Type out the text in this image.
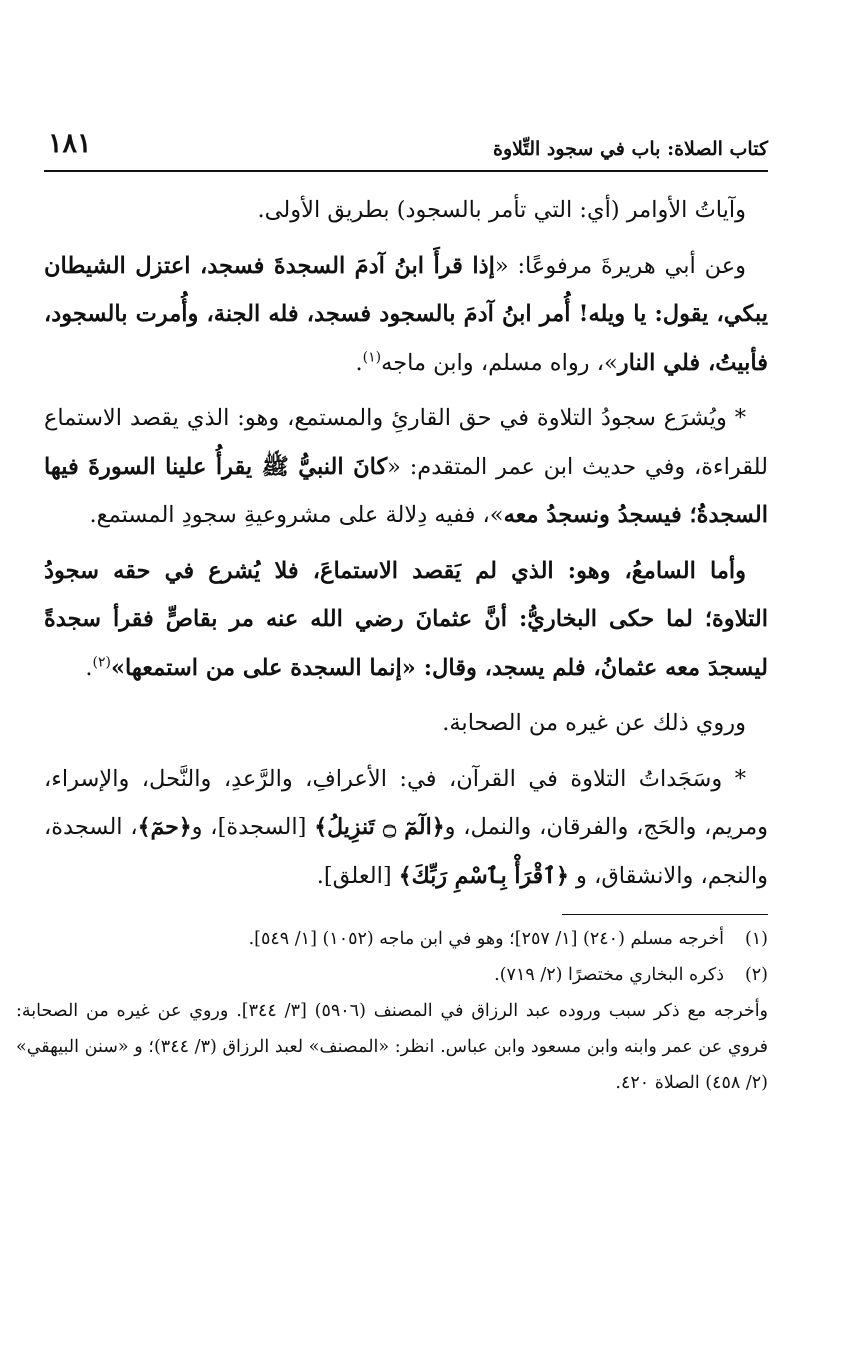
كتاب الصلاة: باب في سجود التِّلاوة
١٨١

وآياتُ الأوامر (أي: التي تأمر بالسجود) بطريق الأولى.

وعن أبي هريرةَ مرفوعًا: «إذا قرأَ ابنُ آدمَ السجدةَ فسجد، اعتزل الشيطان يبكي، يقول: يا ويله! أُمر ابنُ آدمَ بالسجود فسجد، فله الجنة، وأُمرت بالسجود، فأبيتُ، فلي النار»، رواه مسلم، وابن ماجه$^{(١)}$.

* ويُشرَع سجودُ التلاوة في حق القارئِ والمستمع، وهو: الذي يقصد الاستماع للقراءة، وفي حديث ابن عمر المتقدم: «كانَ النبيُّ ﷺ يقرأُ علينا السورةَ فيها السجدةُ؛ فيسجدُ ونسجدُ معه»، ففيه دِلالة على مشروعيةِ سجودِ المستمع.

وأما السامعُ، وهو: الذي لم يَقصد الاستماعَ، فلا يُشرع في حقه سجودُ التلاوة؛ لما حكى البخاريُّ: أنَّ عثمانَ رضي الله عنه مر بقاصٍّ فقرأ سجدةً ليسجدَ معه عثمانُ، فلم يسجد، وقال: «إنما السجدة على من استمعها»$^{(٢)}$.

وروي ذلك عن غيره من الصحابة.

* وسَجَداتُ التلاوة في القرآن، في: الأعرافِ، والرَّعدِ، والنَّحل، والإسراء، ومريم، والحَج، والفرقان، والنمل، و﴿الٓمٓ ۝ تَنزِيلُ﴾ [السجدة]، و﴿حمٓ﴾، السجدة، والنجم، والانشقاق، و ﴿ٱقْرَأْ بِٱسْمِ رَبِّكَ﴾ [العلق].

(١)أخرجه مسلم (٢٤٠) [١/ ٢٥٧]؛ وهو في ابن ماجه (١٠٥٢) [١/ ٥٤٩].

(٢)ذكره البخاري مختصرًا (٢/ ٧١٩).

وأخرجه مع ذكر سبب وروده عبد الرزاق في المصنف (٥٩٠٦) [٣/ ٣٤٤]. وروي عن غيره من الصحابة: فروي عن عمر وابنه وابن مسعود وابن عباس. انظر: «المصنف» لعبد الرزاق (٣/ ٣٤٤)؛ و «سنن البيهقي» (٢/ ٤٥٨) الصلاة ٤٢٠.
